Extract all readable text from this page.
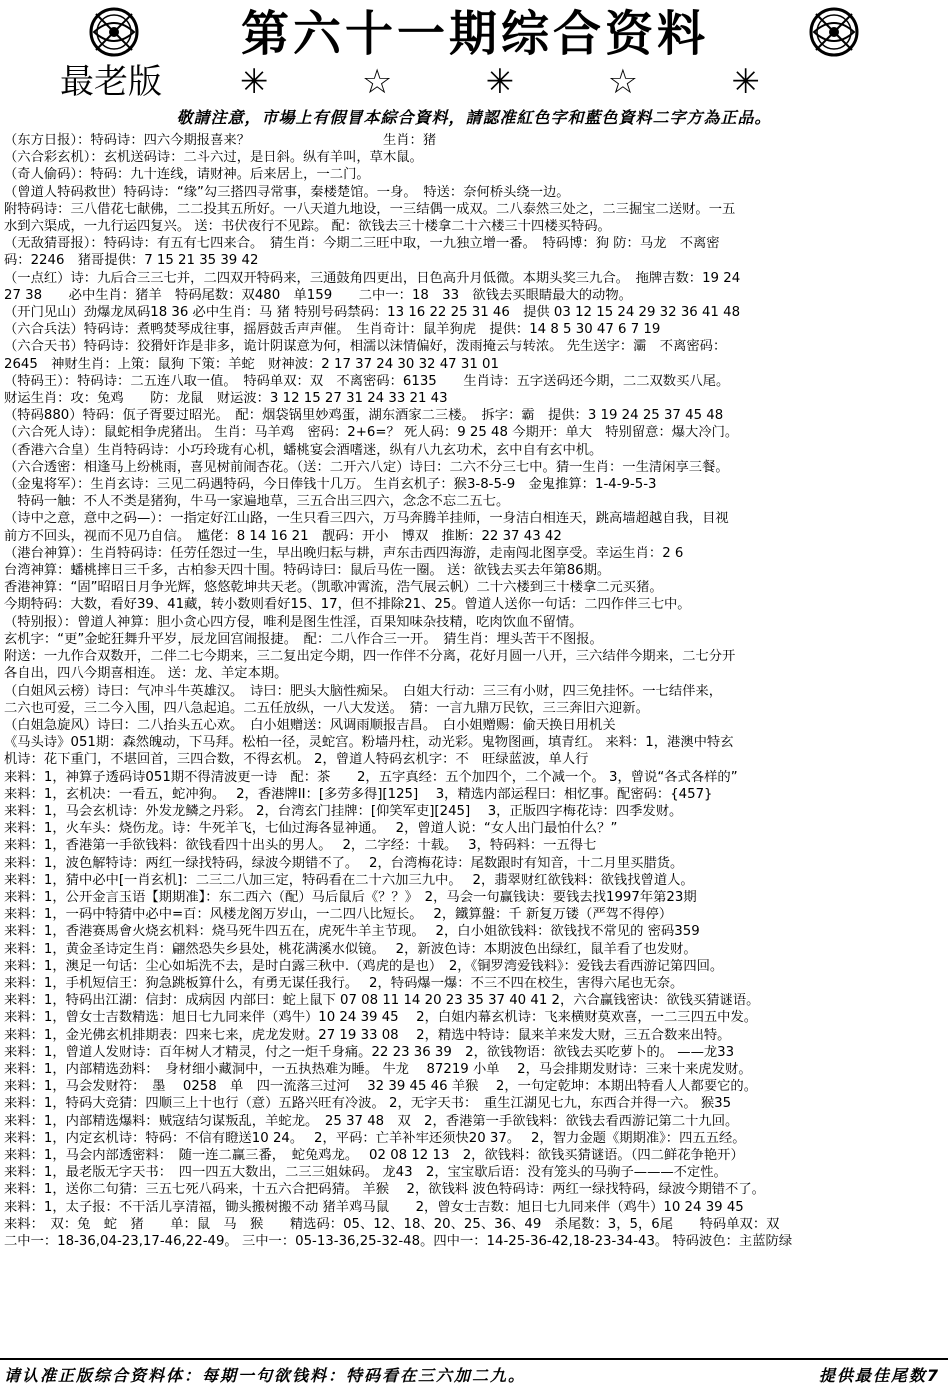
第六十一期综合资料
最老版 ✳	☆	✳	☆	✳
敬請注意，市場上有假冒本綜合資料，請認准紅色字和藍色資料二字方為正品。

（东方日报）：特码诗：四六今期报喜来？　　　　　　　　　　生肖：猪

（六合彩玄机）：玄机送码诗：二斗六过，是日斜。纵有羊叫，草木鼠。

（奇人偷码）：特码：九十连线，请财神。后来居上，一二门。

（曾道人特码救世）特码诗：“缘”勾三搭四寻常事，秦楼楚馆。一身。　特送：奈何桥头绕一边。

附特码诗：三八借花七献佛，二二投其五所好。一八天道九地设，一三结偶一成双。二八泰然三处之，二三掘宝二送财。一五

水到六渠成，一九行运四复兴。 送：书伏夜行不见踪。 配：欲钱去三十楼拿二十六楼三十四楼买特码。

（无敌猜哥报）：特码诗：有五有七四来合。　猜生肖：今期二三旺中取，一九独立增一番。　特码博：狗 防：马龙　不离密

码：2246　猪哥提供：7 15 21 35 39 42

（一点红）诗：九后合三三七并，二四双开特码来，三通鼓角四更出，日色高升月低微。本期头奖三九合。　拖牌吉数：19 24

27 38　　必中生肖：猪羊　特码尾数：双480　单159　　二中一：18　33　欲钱去买眼睛最大的动物。

（开门见山）劲爆龙凤码18 36 必中生肖：马 猪 特别号码禁码：13 16 22 25 31 46　提供 03 12 15 24 29 32 36 41 48

（六合兵法）特码诗：煮鸭焚琴成往事，摇唇鼓舌声声催。　生肖奇计：鼠羊狗虎　提供：14 8 5 30 47 6 7 19

（六合天书）特码诗：狡猾奸诈是非多，诡计阴谋意为何，相濡以沫情偏好，泼雨掩云与转浓。 先生送字：灞　不离密码：

2645　神财生肖：上策：鼠狗 下策：羊蛇　财神波：2 17 37 24 30 32 47 31 01

（特码王）：特码诗：二五连八取一值。　特码单双：双　不离密码：6135　　生肖诗：五字送码还今期，二二双数买八尾。

财运生肖：攻：兔鸡　　防：龙鼠　财运波：3 12 15 27 31 24 33 21 43

（特码880）特码：佤子胥要过昭光。　配：烟袋锅里妙鸡蛋，湖东酒家二三楼。　拆字：霸　提供：3 19 24 25 37 45 48

（六合死人诗）：鼠蛇相争虎猪出。 生肖：马羊鸡　密码：2+6=？ 死人码：9 25 48 今期开：单大　特别留意：爆大冷门。

（香港六合皇）生肖特码诗：小巧玲珑有心机，蟠桃宴会酒嗜迷，纵有八九玄功术，玄中自有玄中机。

（六合透密：相逢马上纷桃雨，喜见树前闹杏花。（送：二开六八定）诗曰：二六不分三七中。猜一生肖：一生清闲享三餐。

（金鬼将军）：生肖玄诗：三见二码遇特码，今日俸钱十几万。 生肖玄机子：猴3-8-5-9　金鬼推算：1-4-9-5-3

　特码一触：不人不类是猪狗，牛马一家遍地草，三五合出三四六，念念不忘二五七。

（诗中之意，意中之码—）：一指定好江山路，一生只看三四六，万马奔腾羊挂师，一身洁白相连天，跳高墙超越自我，目视

前方不回头，视而不见乃自信。　尴佬：8 14 16 21　靓码：开小　博双　推断：22 37 43 42

（港台神算）：生肖特码诗：任劳任怨过一生，早出晚归耘与耕，声东击西四海游，走南闯北图享受。幸运生肖：2 6

台湾神算：蟠桃摔日三千多，古柏参天四十围。特码诗曰：鼠后马佐一圈。 送：欲钱去买去年第86期。

香港神算：“固”昭昭日月争光辉，悠悠乾坤共天老。（凯歌冲霄流，浩气展云帆）二十六楼到三十楼拿二元买猪。

今期特码：大数，看好39、41藏，转小数则看好15、17，但不排除21、25。曾道人送你一句话：二四作伴三七中。

（特别报）：曾道人神算：胆小贪心四方侵，唯利是图生性淫，百果知味杂技精，吃肉饮血不留情。

玄机字：“更”金蛇狂舞升平岁，辰龙回宫闹报捷。　配：二八作合三一开。　猜生肖：埋头苦干不图报。

附送：一九作合双数开，二伴二七今期来，三二复出定今期，四一作伴不分离，花好月圆一八开，三六结伴今期来，二七分开

各自出，四八今期喜相连。 送：龙、羊定本期。

（白姐风云榜）诗曰：气冲斗牛英雄汉。　诗曰：肥头大脑性痴呆。　白姐大行动：三三有小财，四三免挂怀。一七结伴来，

二六也可爱，三二今入围，四八急起追。二五任放纵，一八大发送。　猜：一言九鼎万民钦，三三奔旧六迎新。

（白姐急旋风）诗曰：二八抬头五心欢。　白小姐赠送：风调雨顺报吉昌。　白小姐赠赐：偷天换日用机关

《马头诗》051期：森然魄动，下马拜。松柏一径，灵蛇宫。粉墙丹柱，动光彩。鬼物图画，填青红。 来料：1，港澳中特玄

机诗：花下重门，不堪回首，三四合数，不得玄机。 2，曾道人特码玄机字：不　旺绿蓝波，单人行

来料：1，神算子透码诗051期不得清波更一诗　配：茶　　2，五字真经：五个加四个，二个减一个。 3，曾说“各式各样的”

来料：1，玄机决：一看五，蛇冲狗。　 2，香港牌II：[多劳多得][125]　 3，精选内部运程曰：相忆事。配密码：{457}

来料：1，马会玄机诗：外发龙鳞之丹彩。 2，台湾玄门挂牌：[仰笑军吏][245]　 3，正版四字梅花诗：四季发财。

来料：1，火车头：烧伤龙。诗：牛死羊飞，七仙过海各显神通。　 2，曾道人说：“女人出门最怕什么？”

来料：1，香港第一手欲钱料：欲钱看四十出头的男人。　 2，二字经：十载。　 3，特码料：一五得七

来料：1，波色解特诗：两红一绿找特码，绿波今期错不了。　 2，台湾梅花诗：尾数跟时有知音，十二月里买腊货。

来料：1，猜中必中[一肖玄机]：二三二八加三定，特码看在二十六加三九中。　 2，翡翠财红欲钱料：欲钱找曾道人。

来料：1，公开金言玉语【期期准】：东二西六（配）马后鼠后《？？》　2，马会一句赢钱诀：要钱去找1997年第23期

来料：1，一码中特猜中必中=百：风楼龙阁万岁山，一二四八比短长。　 2，鐵算盤：千 新复万镂（严驾不得停）

来料：1，香港赛馬會火烧玄机料：烧马死牛四五在，虎死牛羊主节现。　 2，白小姐欲钱料：欲钱找不常见的 密码359

来料：1，黄金圣诗定生肖：翩然恐失乡县处，桃花满溪水似镜。　 2，新波色诗：本期波色出绿红，鼠羊看了也发财。

来料：1，澳足一句话：尘心如垢洗不去，是时白露三秋中.（鸡虎的是也）　2，《铜罗湾爱钱料》：爱钱去看西游记第四回。

来料：1，手机短信王：狗急跳板算什么，有勇无谋任我行。　 2，特码爆一爆：不三不四在校生，害得六尾也无奈。

来料：1，特码出江湖：信封：成病因 内部曰：蛇上鼠下 07 08 11 14 20 23 35 37 40 41 2，六合赢钱密诀：欲钱买猜谜语。

来料：1，曾女士吉数精选：旭日七九同来伴（鸡牛）10 24 39 45　 2，白姐内幕玄机诗：飞来横财莫欢喜，一二三四五中发。

来料：1，金光佛玄机排期表：四来七来，虎龙发财。27 19 33 08　 2，精选中特诗：鼠来羊来发大财，三五合数来出特。

来料：1，曾道人发财诗：百年树人才精灵，付之一炬千身痛。22 23 36 39　2，欲钱物语：欲钱去买吃萝卜的。 ——龙33

来料：1，内部精选劲料：　身材细小藏洞中，一五执热难为睡。 牛龙　 87219 小单　 2，马会排期发财诗：三来十来虎发财。

来料：1，马会发财符：　墨　 0258　单　四一流落三过河　 32 39 45 46 羊猴　 2，一句定乾坤：本期出特看人人都要它的。

来料：1，特码大竞猜：四顺三上十也行（意）五路兴旺有冷波。 2，无字天书：　重生江湖见七九，东西合并得一六。 猴35

来料：1，内部精选爆料：贼寇结匀谋叛乱，羊蛇龙。　25 37 48　双　2，香港第一手欲钱料：欲钱去看西游记第二十九回。

来料：1，内定玄机诗：特码：不信有瞪送10 24。　 2，平码：亡羊补牢还须快20 37。　 2，智力金题《期期准》：四五五经。

来料：1，马会内部透密料：　随一连二赢三番，　蛇兔鸡龙。　 02 08 12 13　2，欲钱料：欲钱买猜谜语。（四二鲜花争艳开）

来料：1，最老版无字天书：　四一四五大数出，二三三姐妹码。 龙43　2，宝宝歇后语：没有笼头的马驹子———不定性。

来料：1，送你二句猜：三五七死八码来，十五六合把码猜。 羊猴　 2，欲钱料 波色特码诗：两红一绿找特码，绿波今期错不了。

来料：1，太子报：不干活儿享清福，锄头搬树搬不动 猪羊鸡马鼠　　2，曾女士吉数：旭日七九同来伴（鸡牛）10 24 39 45

来料：　双：兔　蛇　猪　　单：鼠　马　猴　　精选码：05、12、18、20、25、36、49　杀尾数：3，5，6尾　　特码单双：双

二中一：18-36,04-23,17-46,22-49。 三中一：05-13-36,25-32-48。四中一：14-25-36-42,18-23-34-43。 特码波色：主蓝防绿

请认准正版综合资料体：每期一句欲钱料：特码看在三六加二九。	提供最佳尾数7
